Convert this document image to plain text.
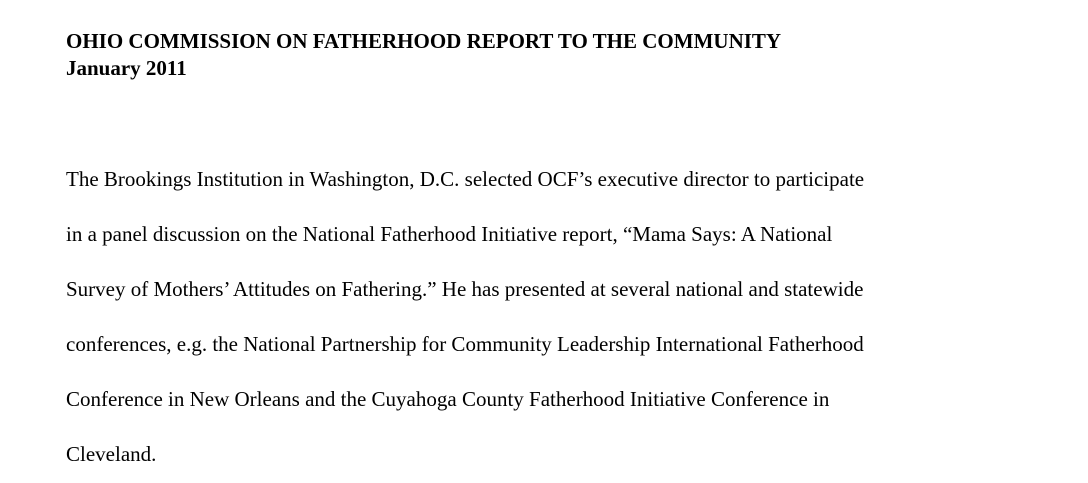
OHIO COMMISSION ON FATHERHOOD REPORT TO THE COMMUNITY

January 2011

The Brookings Institution in Washington, D.C. selected OCF’s executive director to participate
in a panel discussion on the National Fatherhood Initiative report, “Mama Says: A National
Survey of Mothers’ Attitudes on Fathering.” He has presented at several national and statewide
conferences, e.g. the National Partnership for Community Leadership International Fatherhood
Conference in New Orleans and the Cuyahoga County Fatherhood Initiative Conference in
Cleveland.
